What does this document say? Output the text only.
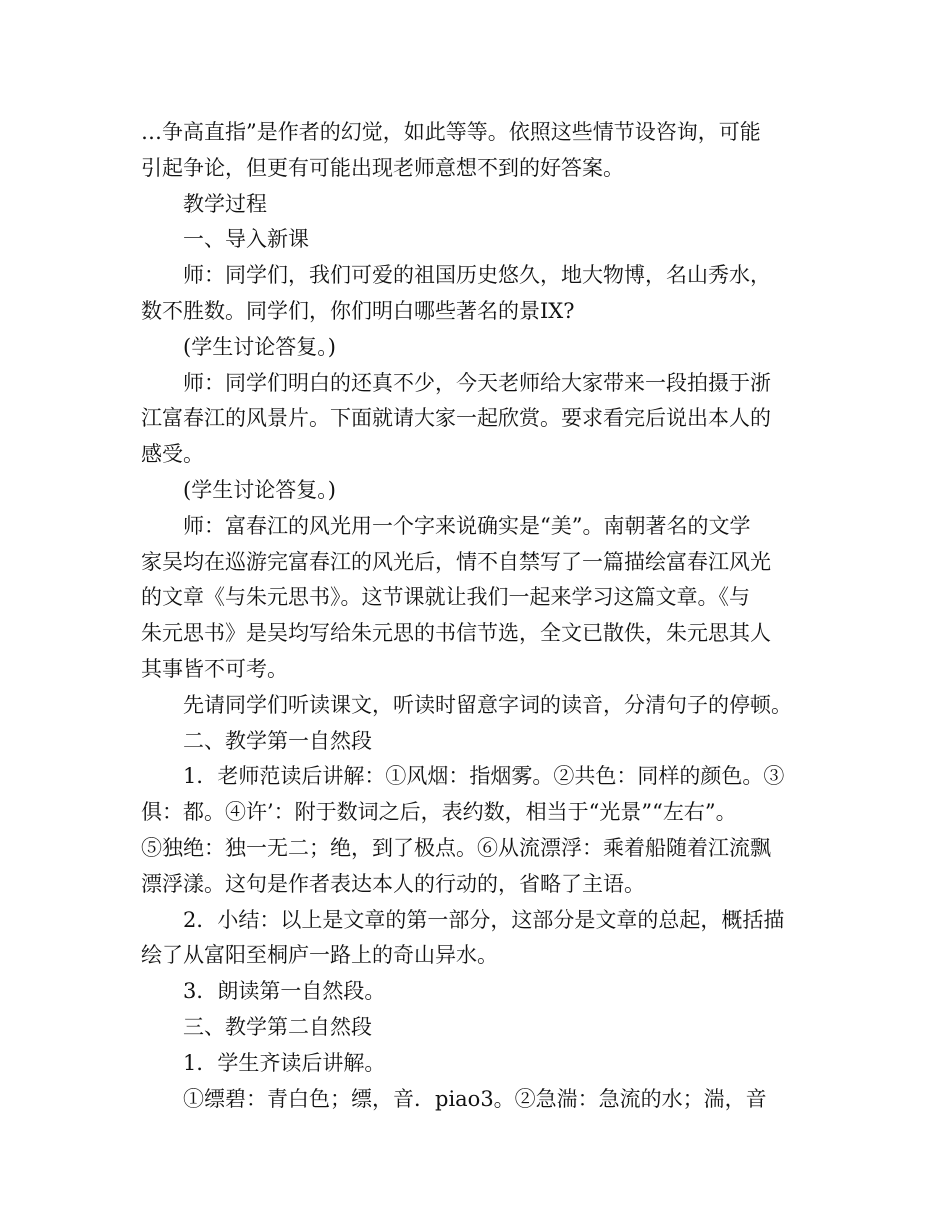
…争高直指”是作者的幻觉，如此等等。依照这些情节设咨询，可能

引起争论，但更有可能出现老师意想不到的好答案。

教学过程

一、导入新课

师：同学们，我们可爱的祖国历史悠久，地大物博，名山秀水，

数不胜数。同学们，你们明白哪些著名的景IX?

(学生讨论答复。)

师：同学们明白的还真不少，今天老师给大家带来一段拍摄于浙

江富春江的风景片。下面就请大家一起欣赏。要求看完后说出本人的

感受。

(学生讨论答复。)

师：富春江的风光用一个字来说确实是“美”。南朝著名的文学

家吴均在巡游完富春江的风光后，情不自禁写了一篇描绘富春江风光

的文章《与朱元思书》。这节课就让我们一起来学习这篇文章。《与

朱元思书》是吴均写给朱元思的书信节选，全文已散佚，朱元思其人

其事皆不可考。

先请同学们听读课文，听读时留意字词的读音，分清句子的停顿。

二、教学第一自然段

1．老师范读后讲解：①风烟：指烟雾。②共色：同样的颜色。③

俱：都。④许’：附于数词之后，表约数，相当于“光景”“左右”。

⑤独绝：独一无二；绝，到了极点。⑥从流漂浮：乘着船随着江流飘

漂浮漾。这句是作者表达本人的行动的，省略了主语。

2．小结：以上是文章的第一部分，这部分是文章的总起，概括描

绘了从富阳至桐庐一路上的奇山异水。

3．朗读第一自然段。

三、教学第二自然段

1．学生齐读后讲解。

①缥碧：青白色；缥，音．piao3。②急湍：急流的水；湍，音
